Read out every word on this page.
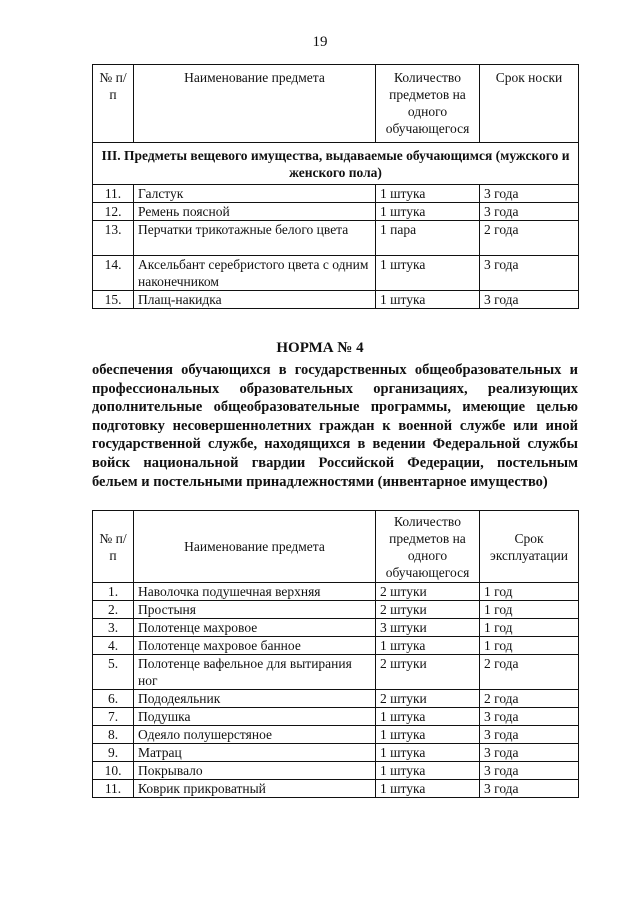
19
№ п/п	Наименование предмета	Количество предметов на одного обучающегося	Срок носки
III. Предметы вещевого имущества, выдаваемые обучающимся (мужского и женского пола)			
11.	Галстук	1 штука	3 года
12.	Ремень поясной	1 штука	3 года
13.	Перчатки трикотажные белого цвета	1 пара	2 года
14.	Аксельбант серебристого цвета с одним наконечником	1 штука	3 года
15.	Плащ-накидка	1 штука	3 года
НОРМА № 4
обеспечения обучающихся в государственных общеобразовательных и профессиональных образовательных организациях, реализующих дополнительные общеобразовательные программы, имеющие целью подготовку несовершеннолетних граждан к военной службе или иной государственной службе, находящихся в ведении Федеральной службы войск национальной гвардии Российской Федерации, постельным бельем и постельными принадлежностями (инвентарное имущество)
№ п/п	Наименование предмета	Количество предметов на одного обучающегося	Срок эксплуатации
1.	Наволочка подушечная верхняя	2 штуки	1 год
2.	Простыня	2 штуки	1 год
3.	Полотенце махровое	3 штуки	1 год
4.	Полотенце махровое банное	1 штука	1 год
5.	Полотенце вафельное для вытирания ног	2 штуки	2 года
6.	Пододеяльник	2 штуки	2 года
7.	Подушка	1 штука	3 года
8.	Одеяло полушерстяное	1 штука	3 года
9.	Матрац	1 штука	3 года
10.	Покрывало	1 штука	3 года
11.	Коврик прикроватный	1 штука	3 года
